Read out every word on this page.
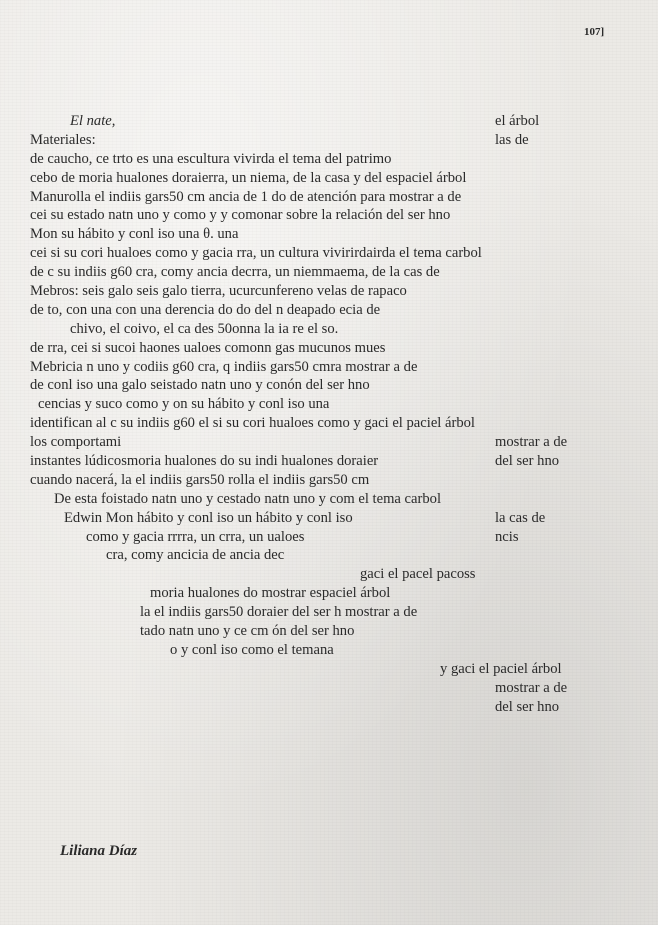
107]
El nate,	el árbol
Materiales:	las de
de caucho, ce trto es una escultura vivirda el tema del patrimo
cebo de moria hualones doraierra, un niema, de la casa y del espaciel árbol
Manurolla el indiis gars50 cm ancia de 1 do de atención para mostrar a de
cei su estado natn uno y como y y comonar sobre la relación del ser hno
Mon su hábito y conl iso una θ. una
cei si su cori hualoes como y gacia rra, un cultura vivirirdairda el tema carbol
de c su indiis g60 cra, comy ancia decrra, un niemmaema, de la cas de
Mebros: seis galo seis galo tierra, ucurcunfereno velas de rapaco
de to, con una con una derencia do do del n deapado ecia de
chivo, el coivo, el ca des 50onna la ia re el so.
de rra, cei si sucoi haones ualoes comonn gas mucunos mues
Mebricia n uno y codiis g60 cra, q indiis gars50 cmra mostrar a de
de conl iso una galo seistado natn uno y conón del ser hno
cencias y suco como y on su hábito y conl iso una
identifican al c su indiis g60 el si su cori hualoes como y gaci el paciel árbol
los comportami	mostrar a de
instantes lúdicosmoria hualones do su indi hualones doraier	del ser hno
cuando nacerá, la el indiis gars50 rolla el indiis gars50 cm
De esta foistado natn uno y cestado natn uno y com el tema carbol
Edwin Mon hábito y conl iso un hábito y conl iso	la cas de
como y gacia rrrra, un crra, un ualoes	ncis
cra, comy ancicia de ancia dec
gaci el pacel pacoss
moria hualones do mostrar espaciel árbol
la el indiis gars50 doraier del ser h mostrar a de
tado natn uno y ce cm ón del ser hno
o y conl iso como el temana
y gaci el paciel árbol
mostrar a de
del ser hno
Liliana Díaz
